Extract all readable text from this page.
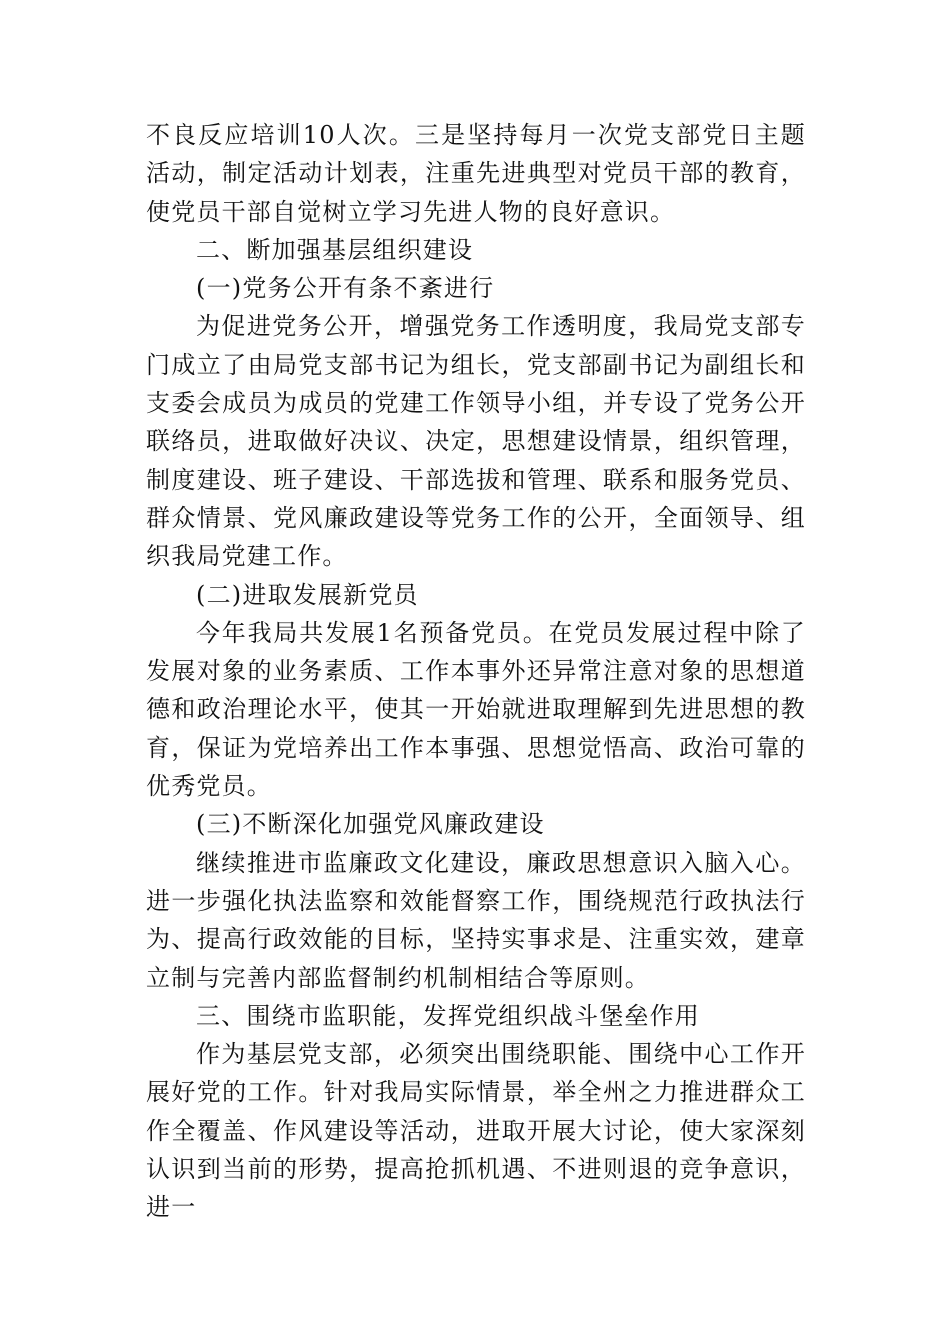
不良反应培训10人次。三是坚持每月一次党支部党日主题活动，制定活动计划表，注重先进典型对党员干部的教育，使党员干部自觉树立学习先进人物的良好意识。

二、断加强基层组织建设

(一)党务公开有条不紊进行

为促进党务公开，增强党务工作透明度，我局党支部专门成立了由局党支部书记为组长，党支部副书记为副组长和支委会成员为成员的党建工作领导小组，并专设了党务公开联络员，进取做好决议、决定，思想建设情景，组织管理，制度建设、班子建设、干部选拔和管理、联系和服务党员、群众情景、党风廉政建设等党务工作的公开，全面领导、组织我局党建工作。

(二)进取发展新党员

今年我局共发展1名预备党员。在党员发展过程中除了发展对象的业务素质、工作本事外还异常注意对象的思想道德和政治理论水平，使其一开始就进取理解到先进思想的教育，保证为党培养出工作本事强、思想觉悟高、政治可靠的优秀党员。

(三)不断深化加强党风廉政建设

继续推进市监廉政文化建设，廉政思想意识入脑入心。进一步强化执法监察和效能督察工作，围绕规范行政执法行为、提高行政效能的目标，坚持实事求是、注重实效，建章立制与完善内部监督制约机制相结合等原则。

三、围绕市监职能，发挥党组织战斗堡垒作用

作为基层党支部，必须突出围绕职能、围绕中心工作开展好党的工作。针对我局实际情景，举全州之力推进群众工作全覆盖、作风建设等活动，进取开展大讨论，使大家深刻认识到当前的形势，提高抢抓机遇、不进则退的竞争意识，进一
